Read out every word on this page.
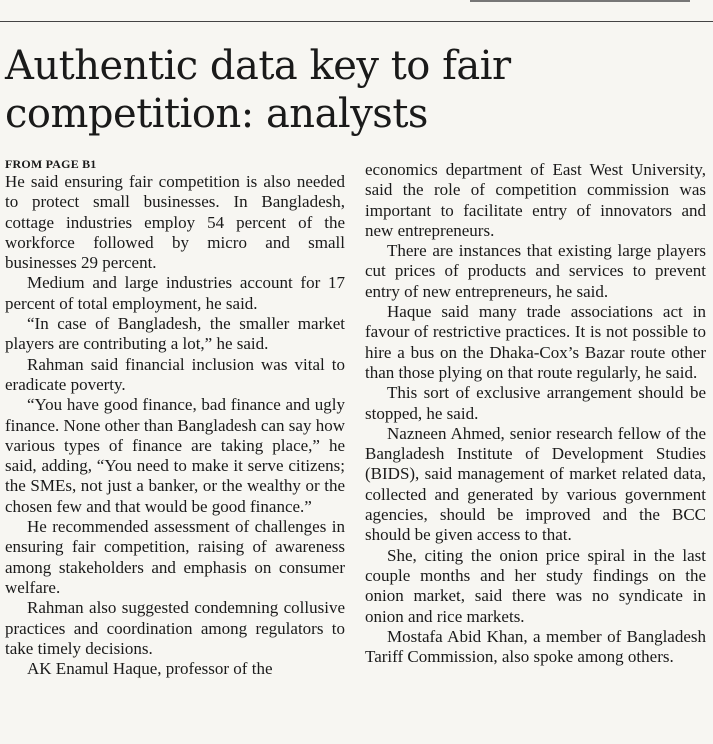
Authentic data key to fair competition: analysts
FROM PAGE B1

He said ensuring fair competition is also needed to protect small businesses. In Bangladesh, cottage industries employ 54 percent of the workforce followed by micro and small businesses 29 percent.

Medium and large industries account for 17 percent of total employment, he said.

“In case of Bangladesh, the smaller market players are contributing a lot,” he said.

Rahman said financial inclusion was vital to eradicate poverty.

“You have good finance, bad finance and ugly finance. None other than Bangladesh can say how various types of finance are taking place,” he said, adding, “You need to make it serve citizens; the SMEs, not just a banker, or the wealthy or the chosen few and that would be good finance.”

He recommended assessment of challenges in ensuring fair competition, raising of awareness among stakeholders and emphasis on consumer welfare.

Rahman also suggested condemning collusive practices and coordination among regulators to take timely decisions.

AK Enamul Haque, professor of the

economics department of East West University, said the role of competition commission was important to facilitate entry of innovators and new entrepreneurs.

There are instances that existing large players cut prices of products and services to prevent entry of new entrepreneurs, he said.

Haque said many trade associations act in favour of restrictive practices. It is not possible to hire a bus on the Dhaka-Cox’s Bazar route other than those plying on that route regularly, he said.

This sort of exclusive arrangement should be stopped, he said.

Nazneen Ahmed, senior research fellow of the Bangladesh Institute of Development Studies (BIDS), said management of market related data, collected and generated by various government agencies, should be improved and the BCC should be given access to that.

She, citing the onion price spiral in the last couple months and her study findings on the onion market, said there was no syndicate in onion and rice markets.

Mostafa Abid Khan, a member of Bangladesh Tariff Commission, also spoke among others.
